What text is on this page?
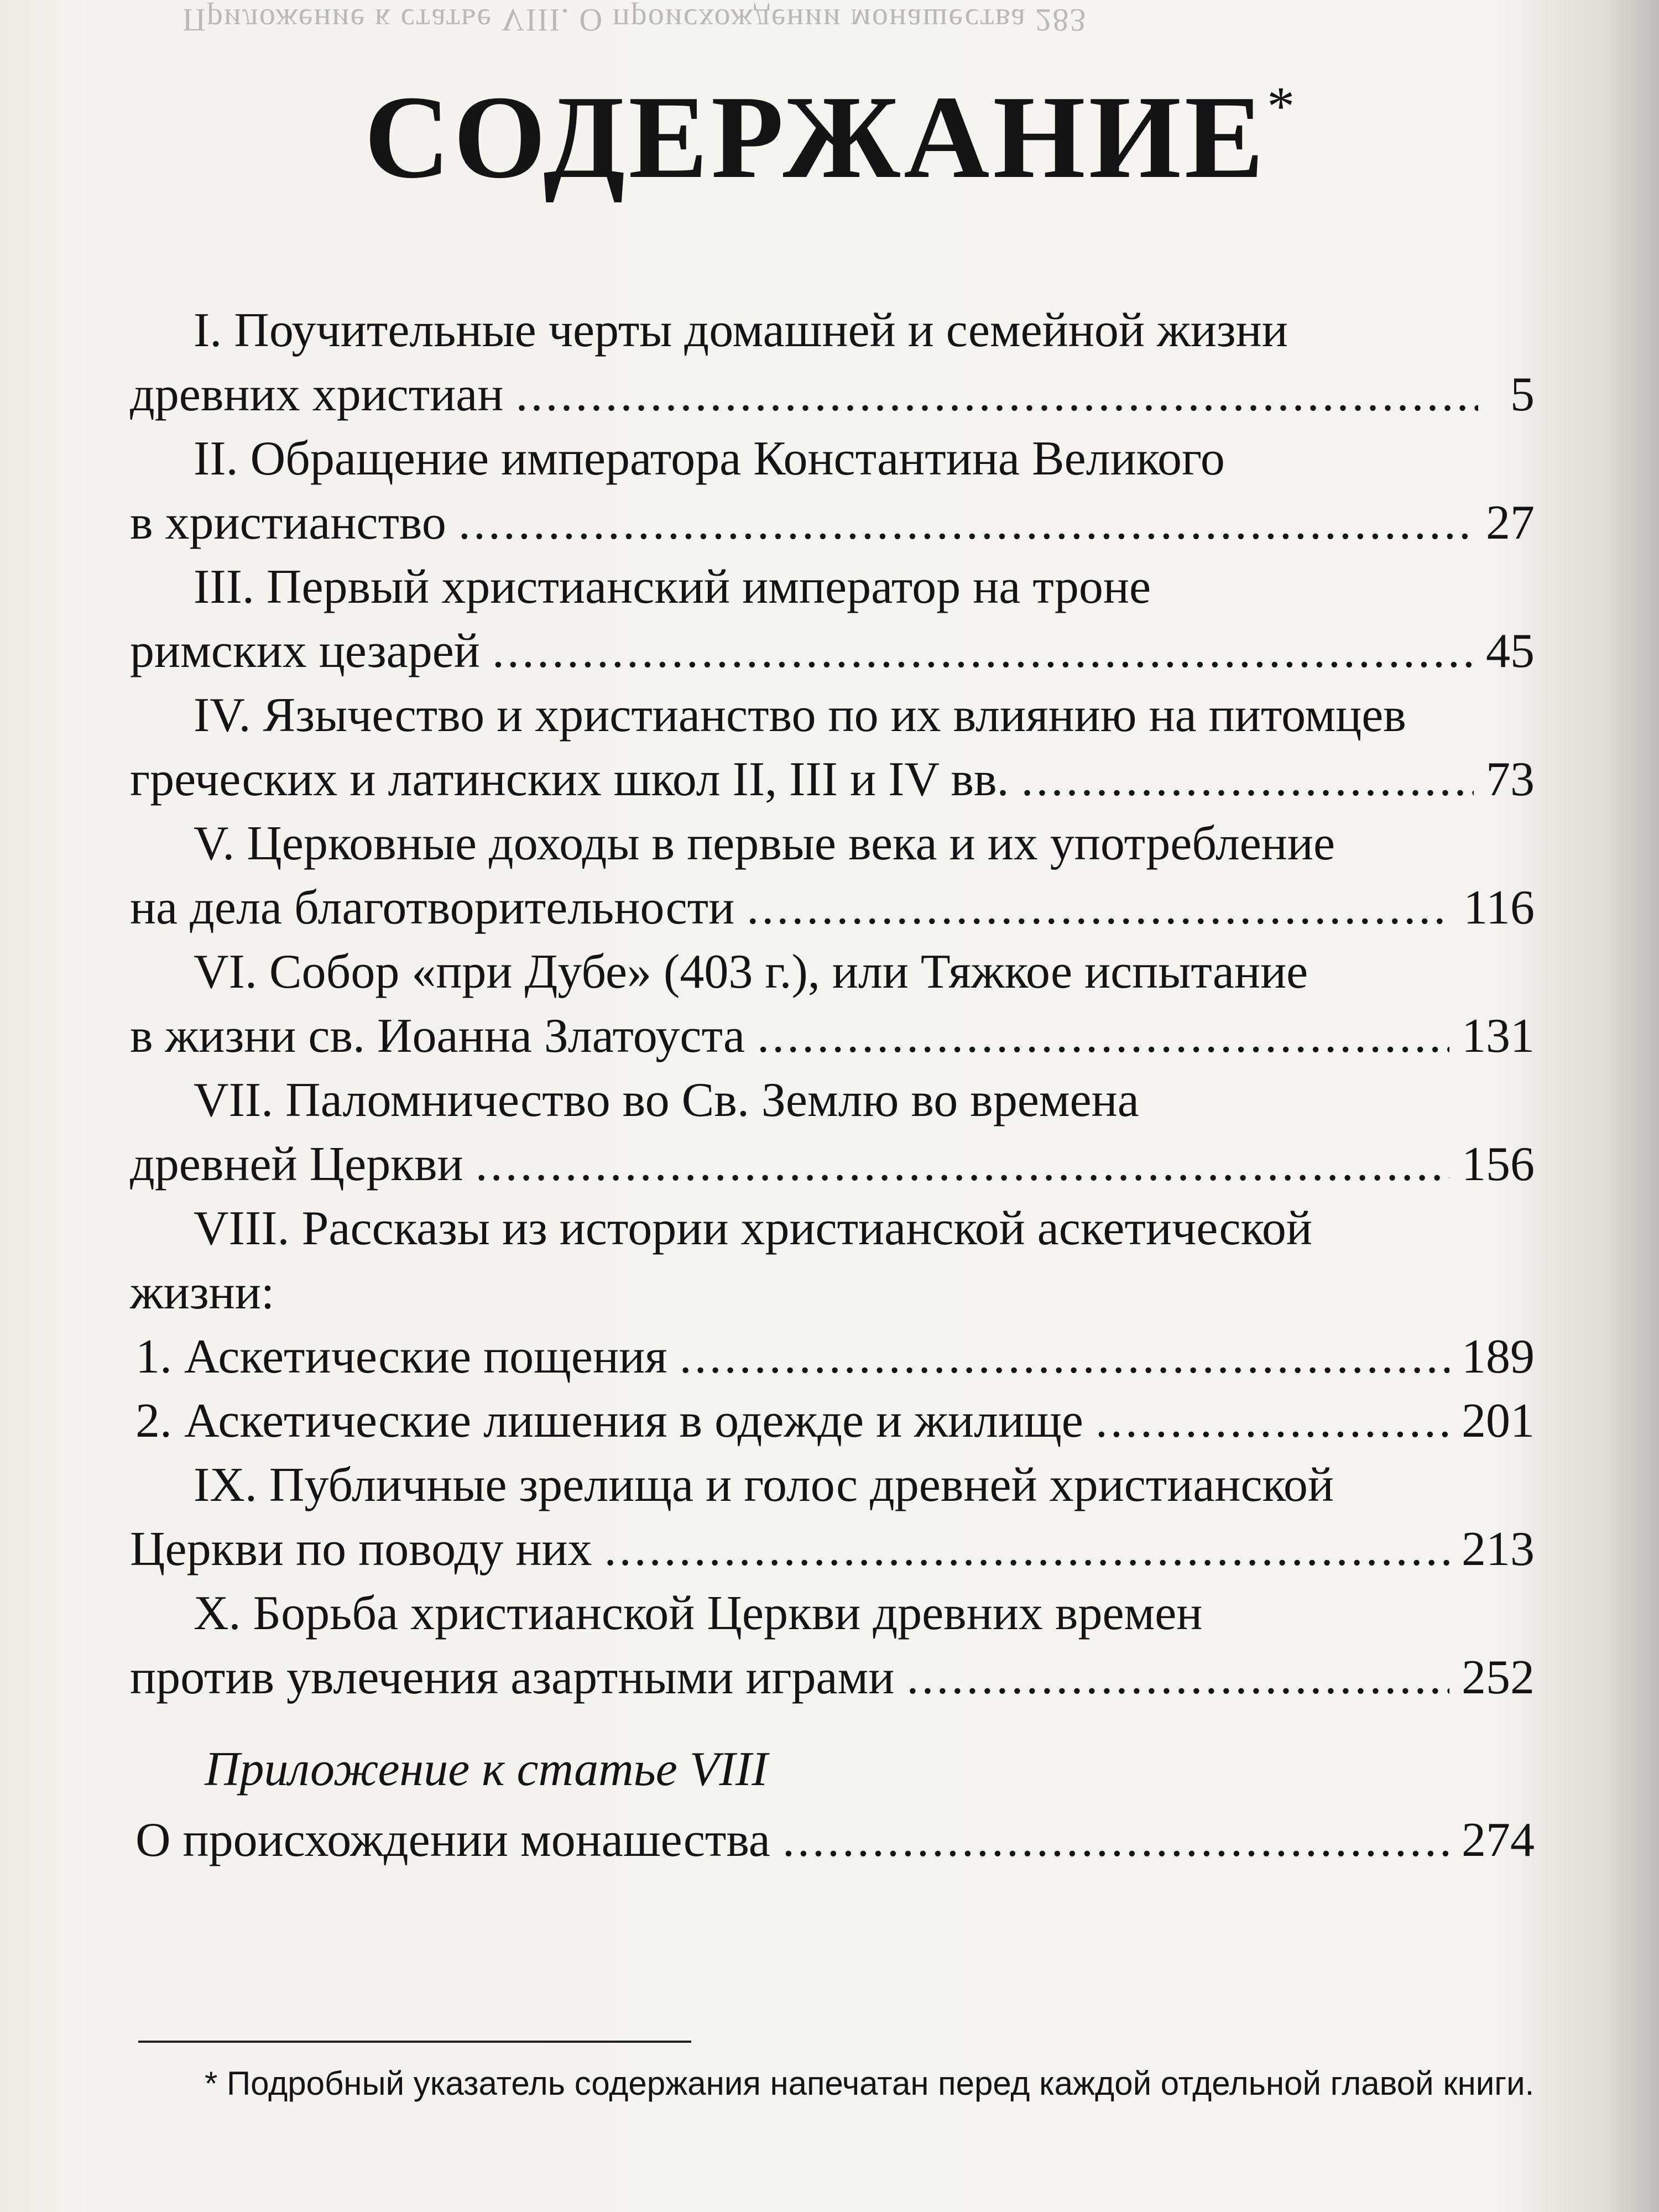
Приложение к статье VIII. О происхождении монашества 283
СОДЕРЖАНИЕ*
I. Поучительные черты домашней и семейной жизни
древних христиан .....	5
II. Обращение императора Константина Великого
в христианство .....	27
III. Первый христианский император на троне
римских цезарей .....	45
IV. Язычество и христианство по их влиянию на питомцев
греческих и латинских школ II, III и IV вв. .....	73
V. Церковные доходы в первые века и их употребление
на дела благотворительности .....	116
VI. Собор «при Дубе» (403 г.), или Тяжкое испытание
в жизни св. Иоанна Златоуста .....	131
VII. Паломничество во Св. Землю во времена
древней Церкви .....	156
VIII. Рассказы из истории христианской аскетической
жизни:
1. Аскетические пощения .....	189
2. Аскетические лишения в одежде и жилище .....	201
IX. Публичные зрелища и голос древней христианской
Церкви по поводу них .....	213
X. Борьба христианской Церкви древних времен
против увлечения азартными играми .....	252
Приложение к статье VIII
О происхождении монашества .....	274
* Подробный указатель содержания напечатан перед каждой отдельной главой книги.
